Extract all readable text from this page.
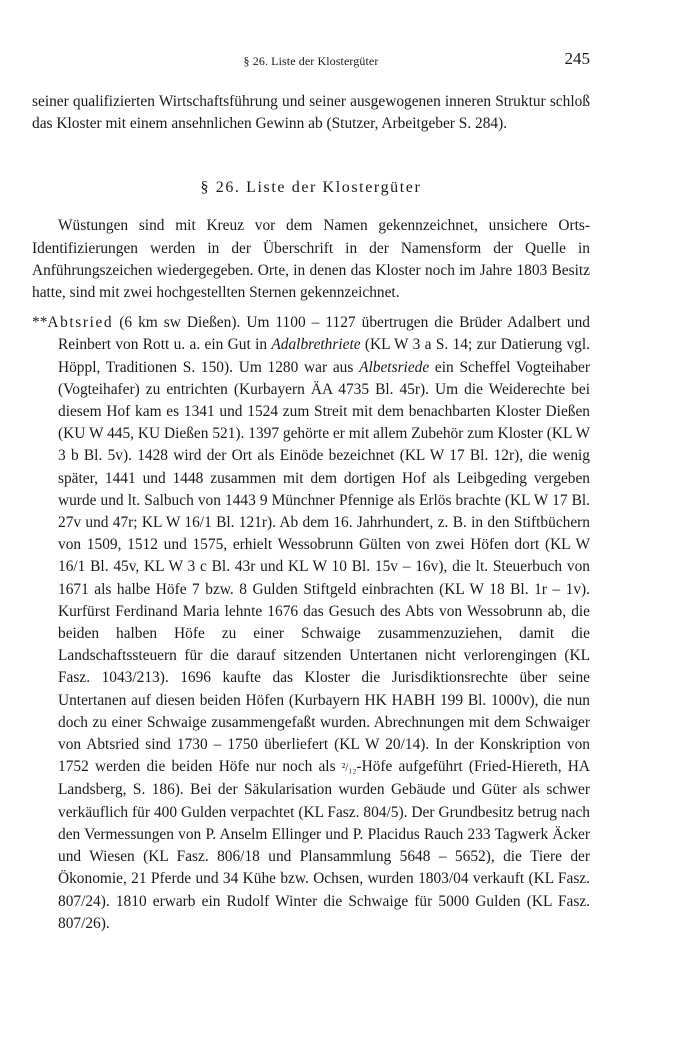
§ 26. Liste der Klostergüter	245

seiner qualifizierten Wirtschaftsführung und seiner ausgewogenen inneren Struktur schloß das Kloster mit einem ansehnlichen Gewinn ab (Stutzer, Arbeitgeber S. 284).

§ 26. Liste der Klostergüter

Wüstungen sind mit Kreuz vor dem Namen gekennzeichnet, unsichere Orts-Identifizierungen werden in der Überschrift in der Namensform der Quelle in Anführungszeichen wiedergegeben. Orte, in denen das Kloster noch im Jahre 1803 Besitz hatte, sind mit zwei hochgestellten Sternen gekennzeichnet.

**Abtsried (6 km sw Dießen). Um 1100 – 1127 übertrugen die Brüder Adalbert und Reinbert von Rott u. a. ein Gut in Adalbrethriete (KL W 3 a S. 14; zur Datierung vgl. Höppl, Traditionen S. 150). Um 1280 war aus Albetsriede ein Scheffel Vogteihaber (Vogteihafer) zu entrichten (Kurbayern ÄA 4735 Bl. 45r). Um die Weiderechte bei diesem Hof kam es 1341 und 1524 zum Streit mit dem benachbarten Kloster Dießen (KU W 445, KU Dießen 521). 1397 gehörte er mit allem Zubehör zum Kloster (KL W 3 b Bl. 5v). 1428 wird der Ort als Einöde bezeichnet (KL W 17 Bl. 12r), die wenig später, 1441 und 1448 zusammen mit dem dortigen Hof als Leibgeding vergeben wurde und lt. Salbuch von 1443 9 Münchner Pfennige als Erlös brachte (KL W 17 Bl. 27v und 47r; KL W 16/1 Bl. 121r). Ab dem 16. Jahrhundert, z. B. in den Stiftbüchern von 1509, 1512 und 1575, erhielt Wessobrunn Gülten von zwei Höfen dort (KL W 16/1 Bl. 45v, KL W 3 c Bl. 43r und KL W 10 Bl. 15v – 16v), die lt. Steuerbuch von 1671 als halbe Höfe 7 bzw. 8 Gulden Stiftgeld einbrachten (KL W 18 Bl. 1r – 1v). Kurfürst Ferdinand Maria lehnte 1676 das Gesuch des Abts von Wessobrunn ab, die beiden halben Höfe zu einer Schwaige zusammenzuziehen, damit die Landschaftssteuern für die darauf sitzenden Untertanen nicht verlorengingen (KL Fasz. 1043/213). 1696 kaufte das Kloster die Jurisdiktionsrechte über seine Untertanen auf diesen beiden Höfen (Kurbayern HK HABH 199 Bl. 1000v), die nun doch zu einer Schwaige zusammengefaßt wurden. Abrechnungen mit dem Schwaiger von Abtsried sind 1730 – 1750 überliefert (KL W 20/14). In der Konskription von 1752 werden die beiden Höfe nur noch als ²/₁₂-Höfe aufgeführt (Fried-Hiereth, HA Landsberg, S. 186). Bei der Säkularisation wurden Gebäude und Güter als schwer verkäuflich für 400 Gulden verpachtet (KL Fasz. 804/5). Der Grundbesitz betrug nach den Vermessungen von P. Anselm Ellinger und P. Placidus Rauch 233 Tagwerk Äcker und Wiesen (KL Fasz. 806/18 und Plansammlung 5648 – 5652), die Tiere der Ökonomie, 21 Pferde und 34 Kühe bzw. Ochsen, wurden 1803/04 verkauft (KL Fasz. 807/24). 1810 erwarb ein Rudolf Winter die Schwaige für 5000 Gulden (KL Fasz. 807/26).
